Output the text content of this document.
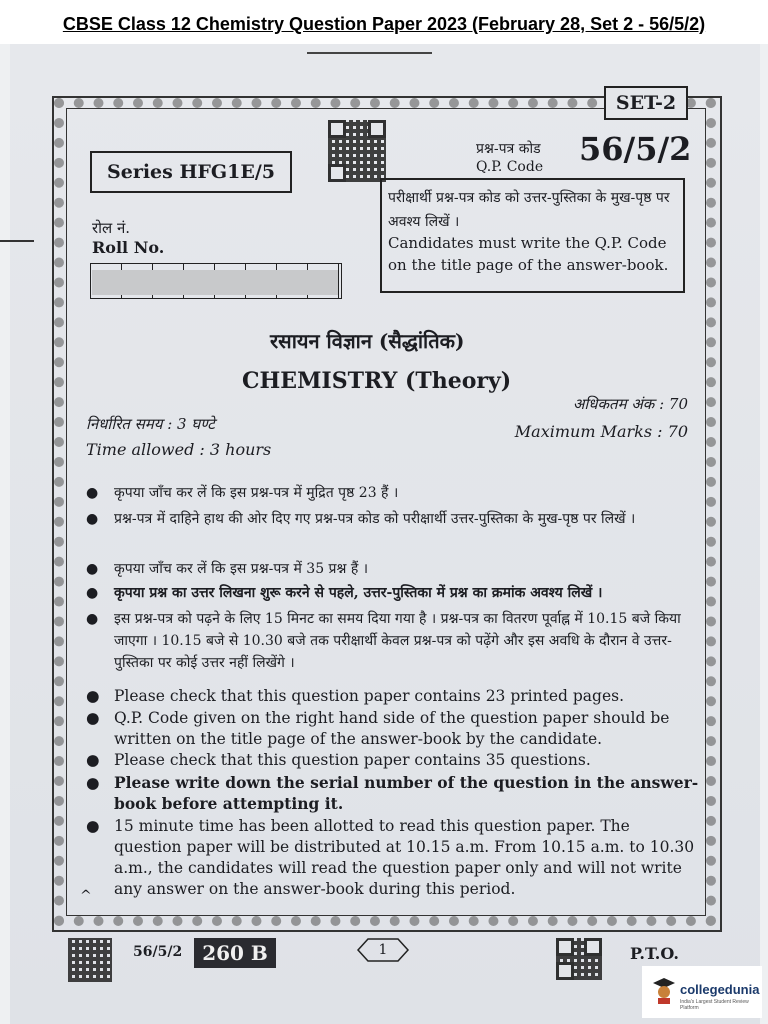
CBSE Class 12 Chemistry Question Paper 2023 (February 28, Set 2 - 56/5/2)
SET-2
Series HFG1E/5
प्रश्न-पत्र कोड
Q.P. Code 56/5/2
परीक्षार्थी प्रश्न-पत्र कोड को उत्तर-पुस्तिका के मुख-पृष्ठ पर अवश्य लिखें ।
Candidates must write the Q.P. Code on the title page of the answer-book.
रोल नं.
Roll No.
रसायन विज्ञान (सैद्धांतिक)
CHEMISTRY (Theory)
निर्धारित समय : 3 घण्टे
Time allowed : 3 hours
अधिकतम अंक : 70
Maximum Marks : 70
● कृपया जाँच कर लें कि इस प्रश्न-पत्र में मुद्रित पृष्ठ 23 हैं ।
● प्रश्न-पत्र में दाहिने हाथ की ओर दिए गए प्रश्न-पत्र कोड को परीक्षार्थी उत्तर-पुस्तिका के मुख-पृष्ठ पर लिखें ।
● कृपया जाँच कर लें कि इस प्रश्न-पत्र में 35 प्रश्न हैं ।
● कृपया प्रश्न का उत्तर लिखना शुरू करने से पहले, उत्तर-पुस्तिका में प्रश्न का क्रमांक अवश्य लिखें ।
● इस प्रश्न-पत्र को पढ़ने के लिए 15 मिनट का समय दिया गया है । प्रश्न-पत्र का वितरण पूर्वाह्न में 10.15 बजे किया जाएगा । 10.15 बजे से 10.30 बजे तक परीक्षार्थी केवल प्रश्न-पत्र को पढ़ेंगे और इस अवधि के दौरान वे उत्तर-पुस्तिका पर कोई उत्तर नहीं लिखेंगे ।
● Please check that this question paper contains 23 printed pages.
● Q.P. Code given on the right hand side of the question paper should be written on the title page of the answer-book by the candidate.
● Please check that this question paper contains 35 questions.
● Please write down the serial number of the question in the answer-book before attempting it.
● 15 minute time has been allotted to read this question paper. The question paper will be distributed at 10.15 a.m. From 10.15 a.m. to 10.30 a.m., the candidates will read the question paper only and will not write any answer on the answer-book during this period.
^
56/5/2 260 B	1	P.T.O.
collegedunia
India's Largest Student Review Platform
